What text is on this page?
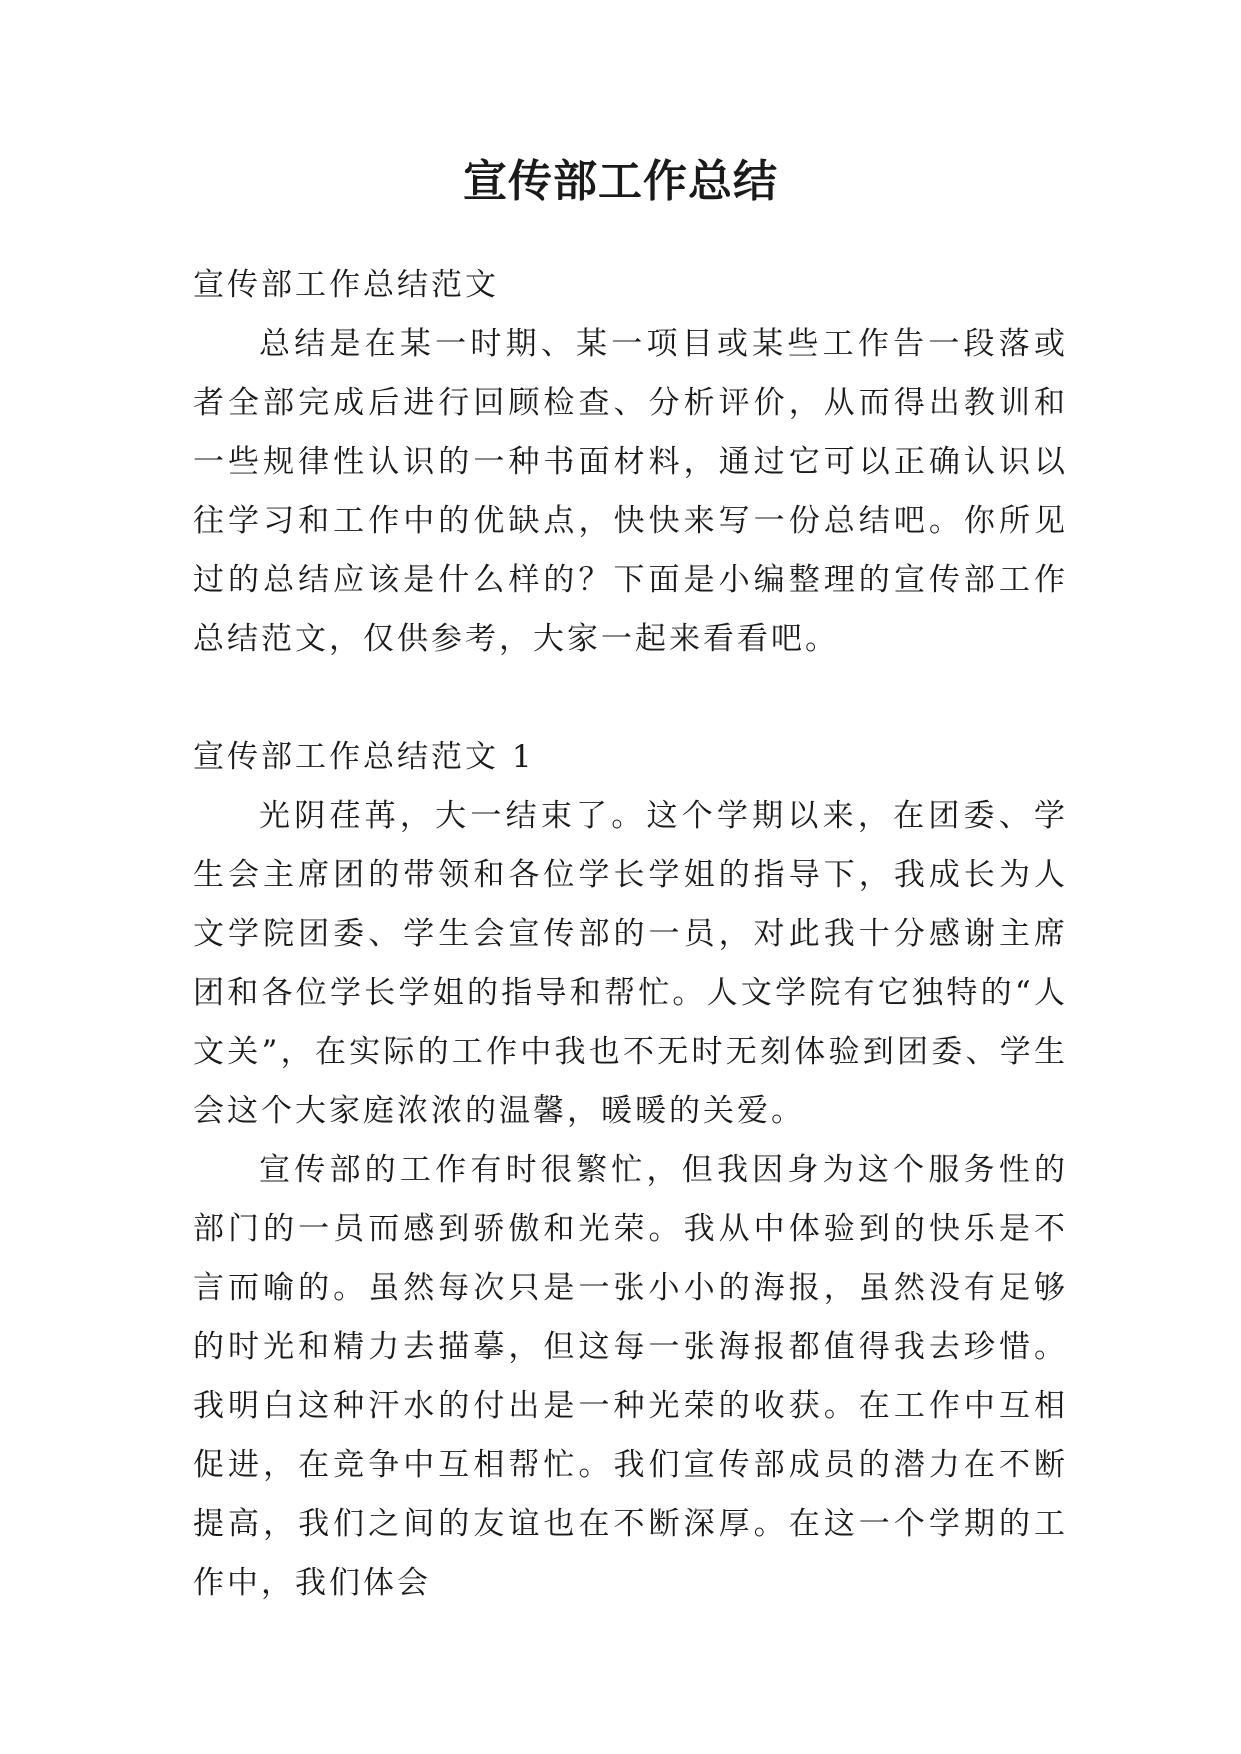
宣传部工作总结
宣传部工作总结范文

总结是在某一时期、某一项目或某些工作告一段落或者全部完成后进行回顾检查、分析评价，从而得出教训和一些规律性认识的一种书面材料，通过它可以正确认识以往学习和工作中的优缺点，快快来写一份总结吧。你所见过的总结应该是什么样的？下面是小编整理的宣传部工作总结范文，仅供参考，大家一起来看看吧。

宣传部工作总结范文 1

光阴荏苒，大一结束了。这个学期以来，在团委、学生会主席团的带领和各位学长学姐的指导下，我成长为人文学院团委、学生会宣传部的一员，对此我十分感谢主席团和各位学长学姐的指导和帮忙。人文学院有它独特的“人文关”，在实际的工作中我也不无时无刻体验到团委、学生会这个大家庭浓浓的温馨，暖暖的关爱。

宣传部的工作有时很繁忙，但我因身为这个服务性的部门的一员而感到骄傲和光荣。我从中体验到的快乐是不言而喻的。虽然每次只是一张小小的海报，虽然没有足够的时光和精力去描摹，但这每一张海报都值得我去珍惜。我明白这种汗水的付出是一种光荣的收获。在工作中互相促进，在竞争中互相帮忙。我们宣传部成员的潜力在不断提高，我们之间的友谊也在不断深厚。在这一个学期的工作中，我们体会
